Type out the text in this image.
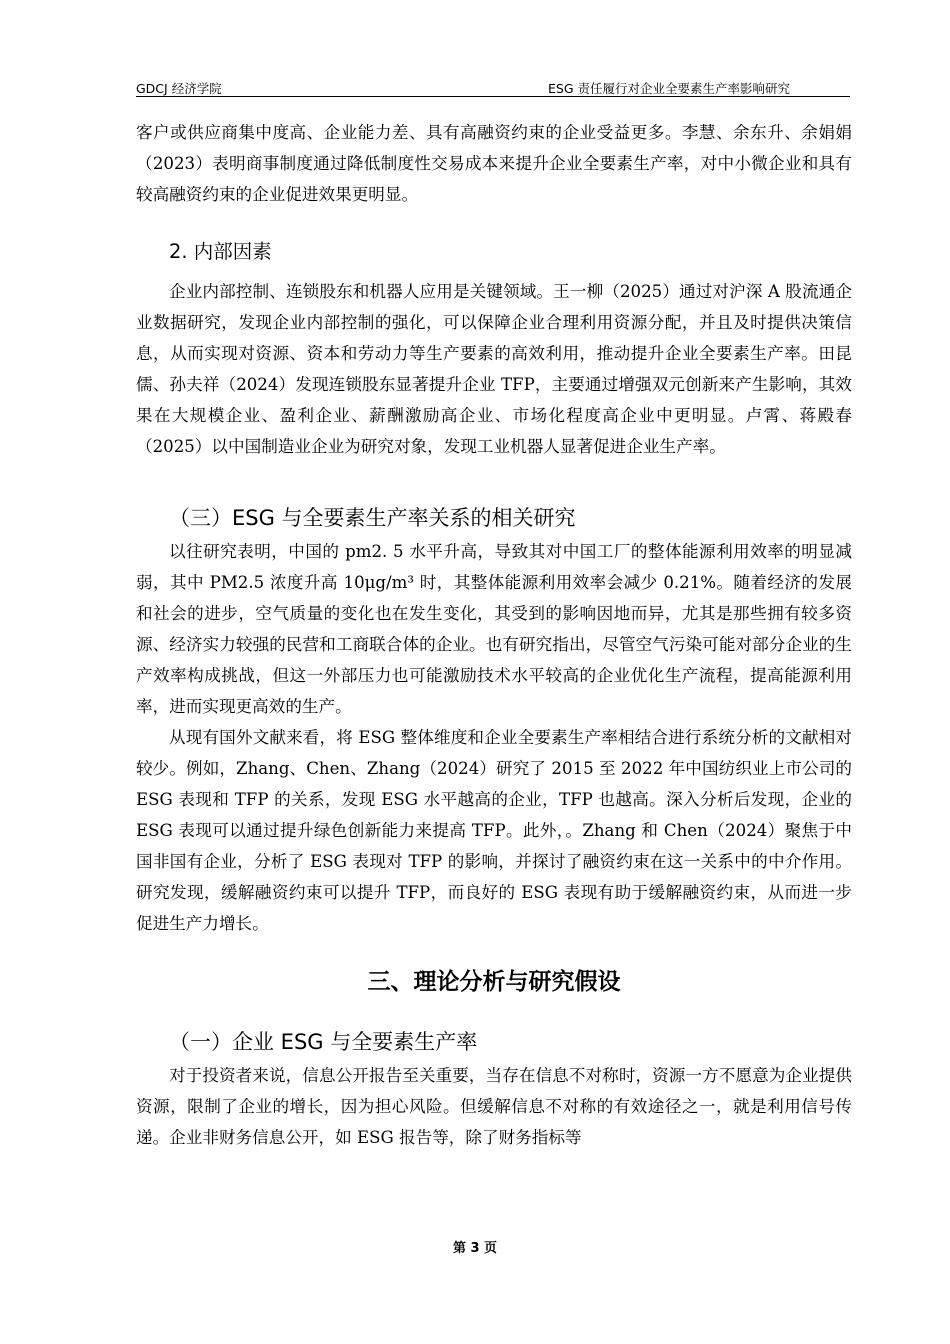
GDCJ 经济学院	ESG 责任履行对企业全要素生产率影响研究

客户或供应商集中度高、企业能力差、具有高融资约束的企业受益更多。李慧、余东升、余娟娟（2023）表明商事制度通过降低制度性交易成本来提升企业全要素生产率，对中小微企业和具有较高融资约束的企业促进效果更明显。

2. 内部因素

企业内部控制、连锁股东和机器人应用是关键领域。王一柳（2025）通过对沪深 A 股流通企业数据研究，发现企业内部控制的强化，可以保障企业合理利用资源分配，并且及时提供决策信息，从而实现对资源、资本和劳动力等生产要素的高效利用，推动提升企业全要素生产率。田昆儒、孙夫祥（2024）发现连锁股东显著提升企业 TFP，主要通过增强双元创新来产生影响，其效果在大规模企业、盈利企业、薪酬激励高企业、市场化程度高企业中更明显。卢霄、蒋殿春（2025）以中国制造业企业为研究对象，发现工业机器人显著促进企业生产率。

（三）ESG 与全要素生产率关系的相关研究

以往研究表明，中国的 pm2. 5 水平升高，导致其对中国工厂的整体能源利用效率的明显减弱，其中 PM2.5 浓度升高 10μg/m³ 时，其整体能源利用效率会减少 0.21%。随着经济的发展和社会的进步，空气质量的变化也在发生变化，其受到的影响因地而异，尤其是那些拥有较多资源、经济实力较强的民营和工商联合体的企业。也有研究指出，尽管空气污染可能对部分企业的生产效率构成挑战，但这一外部压力也可能激励技术水平较高的企业优化生产流程，提高能源利用率，进而实现更高效的生产。

从现有国外文献来看，将 ESG 整体维度和企业全要素生产率相结合进行系统分析的文献相对较少。例如，Zhang、Chen、Zhang（2024）研究了 2015 至 2022 年中国纺织业上市公司的 ESG 表现和 TFP 的关系，发现 ESG 水平越高的企业，TFP 也越高。深入分析后发现，企业的 ESG 表现可以通过提升绿色创新能力来提高 TFP。此外，。Zhang 和 Chen（2024）聚焦于中国非国有企业，分析了 ESG 表现对 TFP 的影响，并探讨了融资约束在这一关系中的中介作用。研究发现，缓解融资约束可以提升 TFP，而良好的 ESG 表现有助于缓解融资约束，从而进一步促进生产力增长。

三、理论分析与研究假设
（一）企业 ESG 与全要素生产率

对于投资者来说，信息公开报告至关重要，当存在信息不对称时，资源一方不愿意为企业提供资源，限制了企业的增长，因为担心风险。但缓解信息不对称的有效途径之一，就是利用信号传递。企业非财务信息公开，如 ESG 报告等，除了财务指标等

第 3 页
